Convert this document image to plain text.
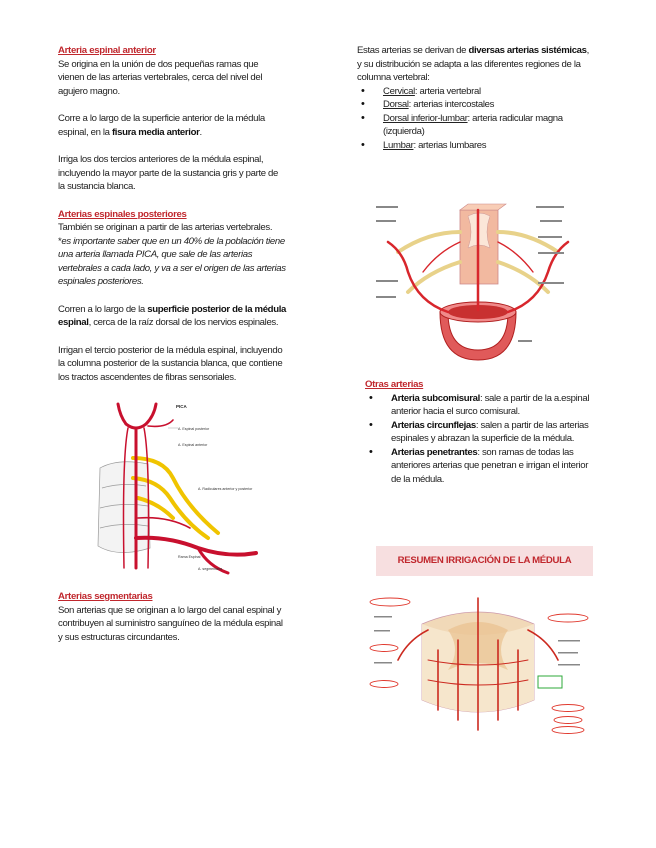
Arteria espinal anterior

Se origina en la unión de dos pequeñas ramas que vienen de las arterias vertebrales, cerca del nivel del agujero magno.

Corre a lo largo de la superficie anterior de la médula espinal, en la fisura media anterior.

Irriga los dos tercios anteriores de la médula espinal, incluyendo la mayor parte de la sustancia gris y parte de la sustancia blanca.

Arterias espinales posteriores

También se originan a partir de las arterias vertebrales. *es importante saber que en un 40% de la población tiene una arteria llamada PICA, que sale de las arterias vertebrales a cada lado, y va a ser el origen de las arterias espinales posteriores.

Corren a lo largo de la superficie posterior de la médula espinal, cerca de la raíz dorsal de los nervios espinales.

Irrigan el tercio posterior de la médula espinal, incluyendo la columna posterior de la sustancia blanca, que contiene los tractos ascendentes de fibras sensoriales.

PICA
A. Espinal posterior
A. Espinal anterior
A. Radiculares anterior y posterior
Rama Espinal
A. segmentaria
Arterias segmentarias

Son arterias que se originan a lo largo del canal espinal y contribuyen al suministro sanguíneo de la médula espinal y sus estructuras circundantes.

Estas arterias se derivan de diversas arterias sistémicas, y su distribución se adapta a las diferentes regiones de la columna vertebral:

• Cervical: arteria vertebral
• Dorsal: arterias intercostales
• Dorsal inferior-lumbar: arteria radicular magna (izquierda)
• Lumbar: arterias lumbares
Otras arterias
• Arteria subcomisural: sale a partir de la a.espinal anterior hacia el surco comisural.
• Arterias circunflejas: salen a partir de las arterias espinales y abrazan la superficie de la médula.
• Arterias penetrantes: son ramas de todas las anteriores arterias que penetran e irrigan el interior de la médula.
RESUMEN IRRIGACIÓN DE LA MÉDULA
